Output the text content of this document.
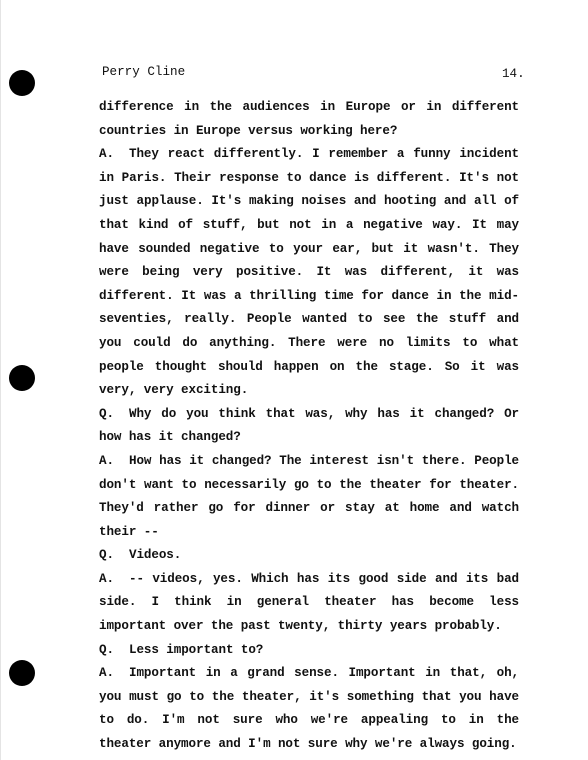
Perry Cline	14.

difference in the audiences in Europe or in different countries in Europe versus working here?

A. They react differently. I remember a funny incident in Paris. Their response to dance is different. It's not just applause. It's making noises and hooting and all of that kind of stuff, but not in a negative way. It may have sounded negative to your ear, but it wasn't. They were being very positive. It was different, it was different. It was a thrilling time for dance in the mid-seventies, really. People wanted to see the stuff and you could do anything. There were no limits to what people thought should happen on the stage. So it was very, very exciting.

Q. Why do you think that was, why has it changed? Or how has it changed?

A. How has it changed? The interest isn't there. People don't want to necessarily go to the theater for theater. They'd rather go for dinner or stay at home and watch their --

Q. Videos.

A. -- videos, yes. Which has its good side and its bad side. I think in general theater has become less important over the past twenty, thirty years probably.

Q. Less important to?

A. Important in a grand sense. Important in that, oh, you must go to the theater, it's something that you have to do. I'm not sure who we're appealing to in the theater anymore and I'm not sure why we're always going.
